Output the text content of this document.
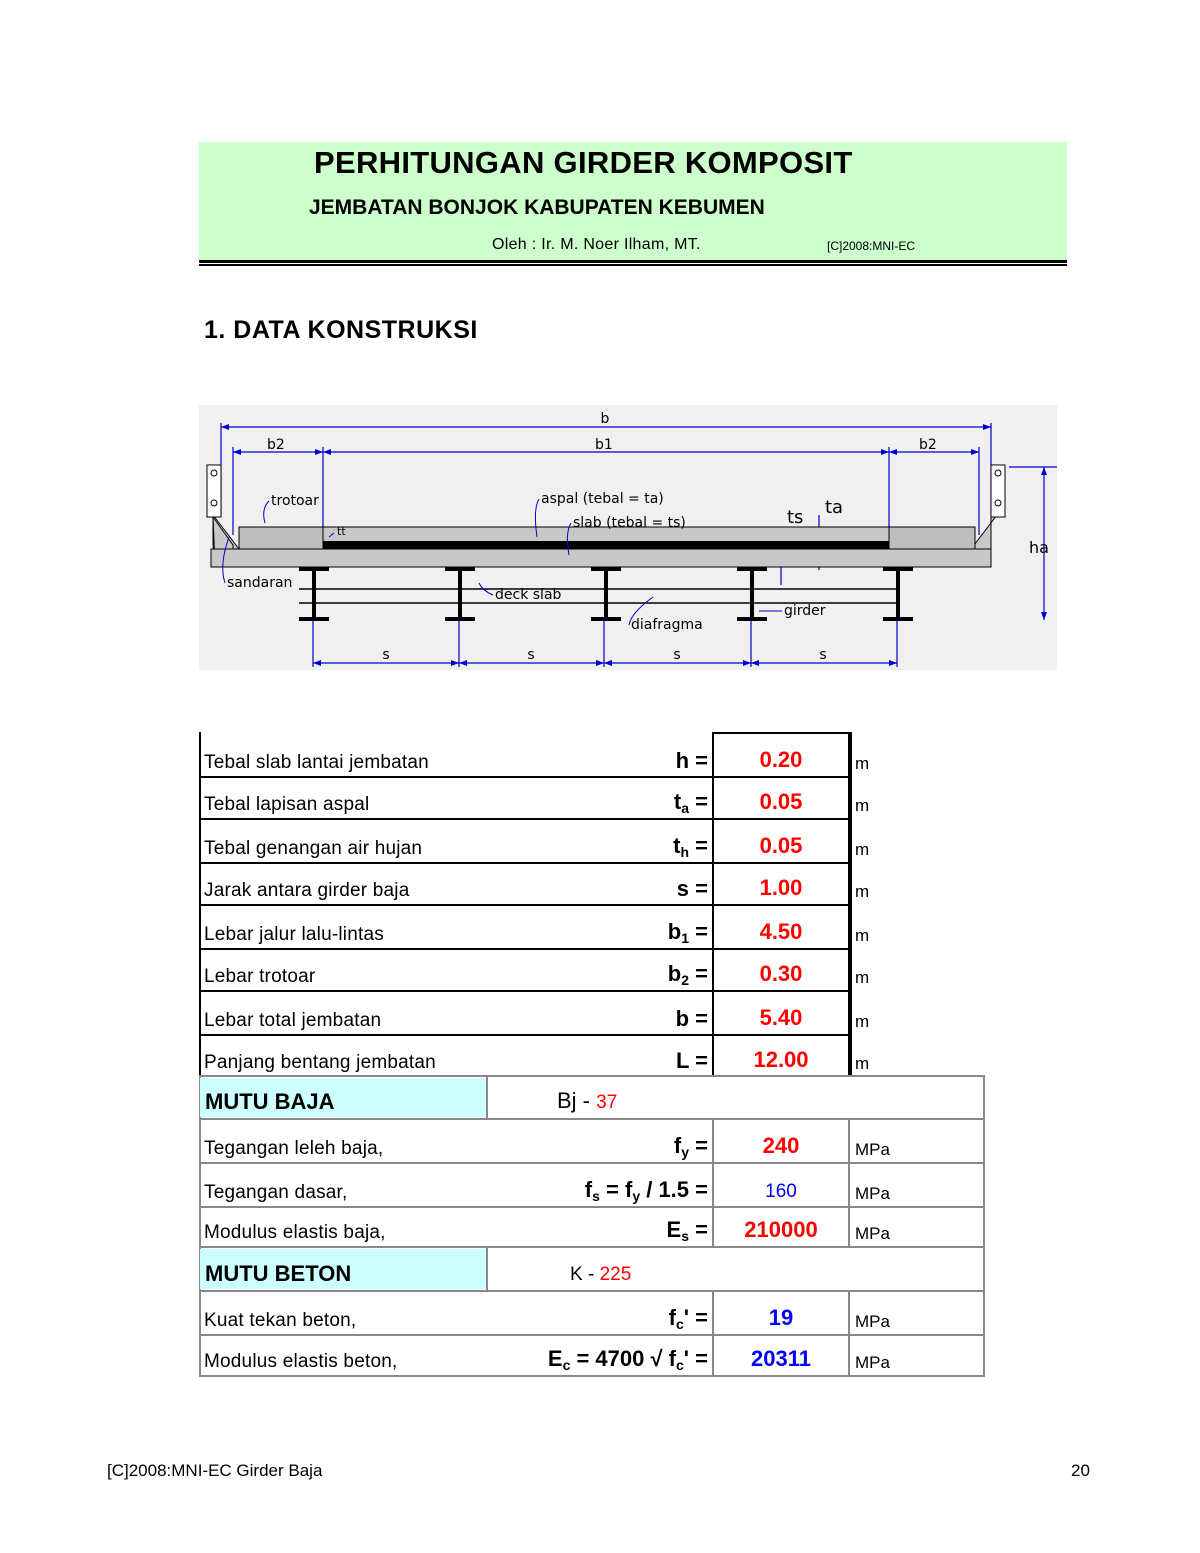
PERHITUNGAN GIRDER KOMPOSIT
JEMBATAN BONJOK KABUPATEN KEBUMEN
Oleh : Ir. M. Noer Ilham, MT.	[C]2008:MNI-EC
1. DATA KONSTRUKSI
b
b2	b1	b2
trotoar
tt
aspal (tebal = ta)
slab (tebal = ts)	ts ta
ha
sandaran
deck slab
diafragma
girder
s	s	s	s
Tebal slab lantai jembatan	h =	0.20	m
Tebal lapisan aspal	$t_a$ =	0.05	m
Tebal genangan air hujan	$t_h$ =	0.05	m
Jarak antara girder baja	s =	1.00	m
Lebar jalur lalu-lintas	$b_1$ =	4.50	m
Lebar trotoar	$b_2$ =	0.30	m
Lebar total jembatan	b =	5.40	m
Panjang bentang jembatan	L =	12.00	m
MUTU BAJA	Bj - 37
Tegangan leleh baja,	$f_y$ =	240	MPa
Tegangan dasar,	$f_s = f_y / 1.5$ =	160	MPa
Modulus elastis baja,	$E_s$ =	210000	MPa
MUTU BETON	K - 225
Kuat tekan beton,	$f_c'$ =	19	MPa
Modulus elastis beton,	$E_c = 4700$ √ $f_c'$ =	20311	MPa
[C]2008:MNI-EC Girder Baja	20
